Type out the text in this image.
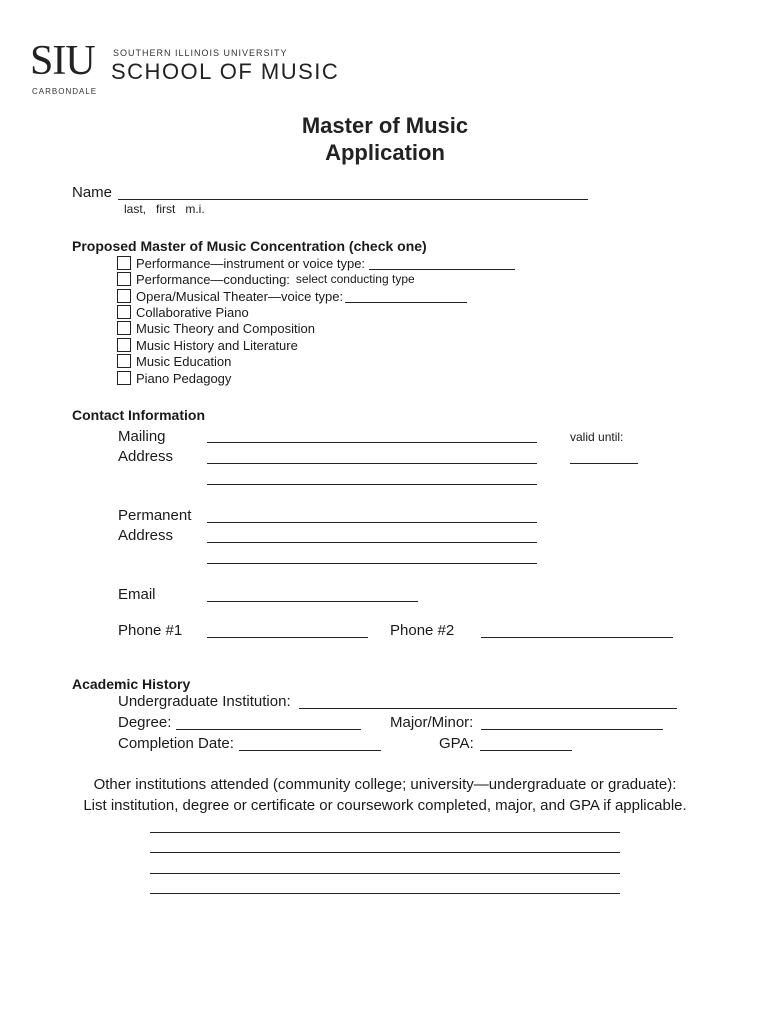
SIU SOUTHERN ILLINOIS UNIVERSITY
SCHOOL OF MUSIC
CARBONDALE
Master of Music
Application
Name
last,   first   m.i.
Proposed Master of Music Concentration (check one)
Performance—instrument or voice type:
Performance—conducting: select conducting type
Opera/Musical Theater—voice type:
Collaborative Piano
Music Theory and Composition
Music History and Literature
Music Education
Piano Pedagogy
Contact Information
Mailing
Address
valid until:
Permanent
Address
Email
Phone #1	Phone #2
Academic History
Undergraduate Institution:
Degree:	Major/Minor:
Completion Date:	GPA:
Other institutions attended (community college; university—undergraduate or graduate):
List institution, degree or certificate or coursework completed, major, and GPA if applicable.
